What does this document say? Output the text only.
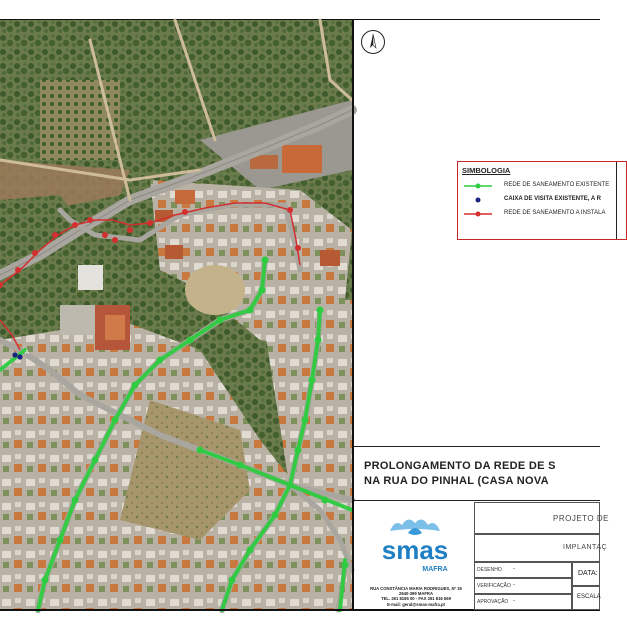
A
SIMBOLOGIA
REDE DE SANEAMENTO EXISTENTE
CAIXA DE VISITA EXISTENTE, A R
REDE DE SANEAMENTO A INSTALA
PROLONGAMENTO DA REDE DE S
NA RUA DO PINHAL (CASA NOVA
smas
MAFRA
RUA CONSTÂNCIA MARIA RODRIGUES, Nº 19
2640-399 MAFRA
TEL. 261 8165 00 - FAX 261 816 569
E-mail: geral@smas-mafra.pt
PROJETO DE
IMPLANTAÇ
DESENHO -
VERIFICAÇÃO -
APROVAÇÃO -
DATA:
ESCALA
